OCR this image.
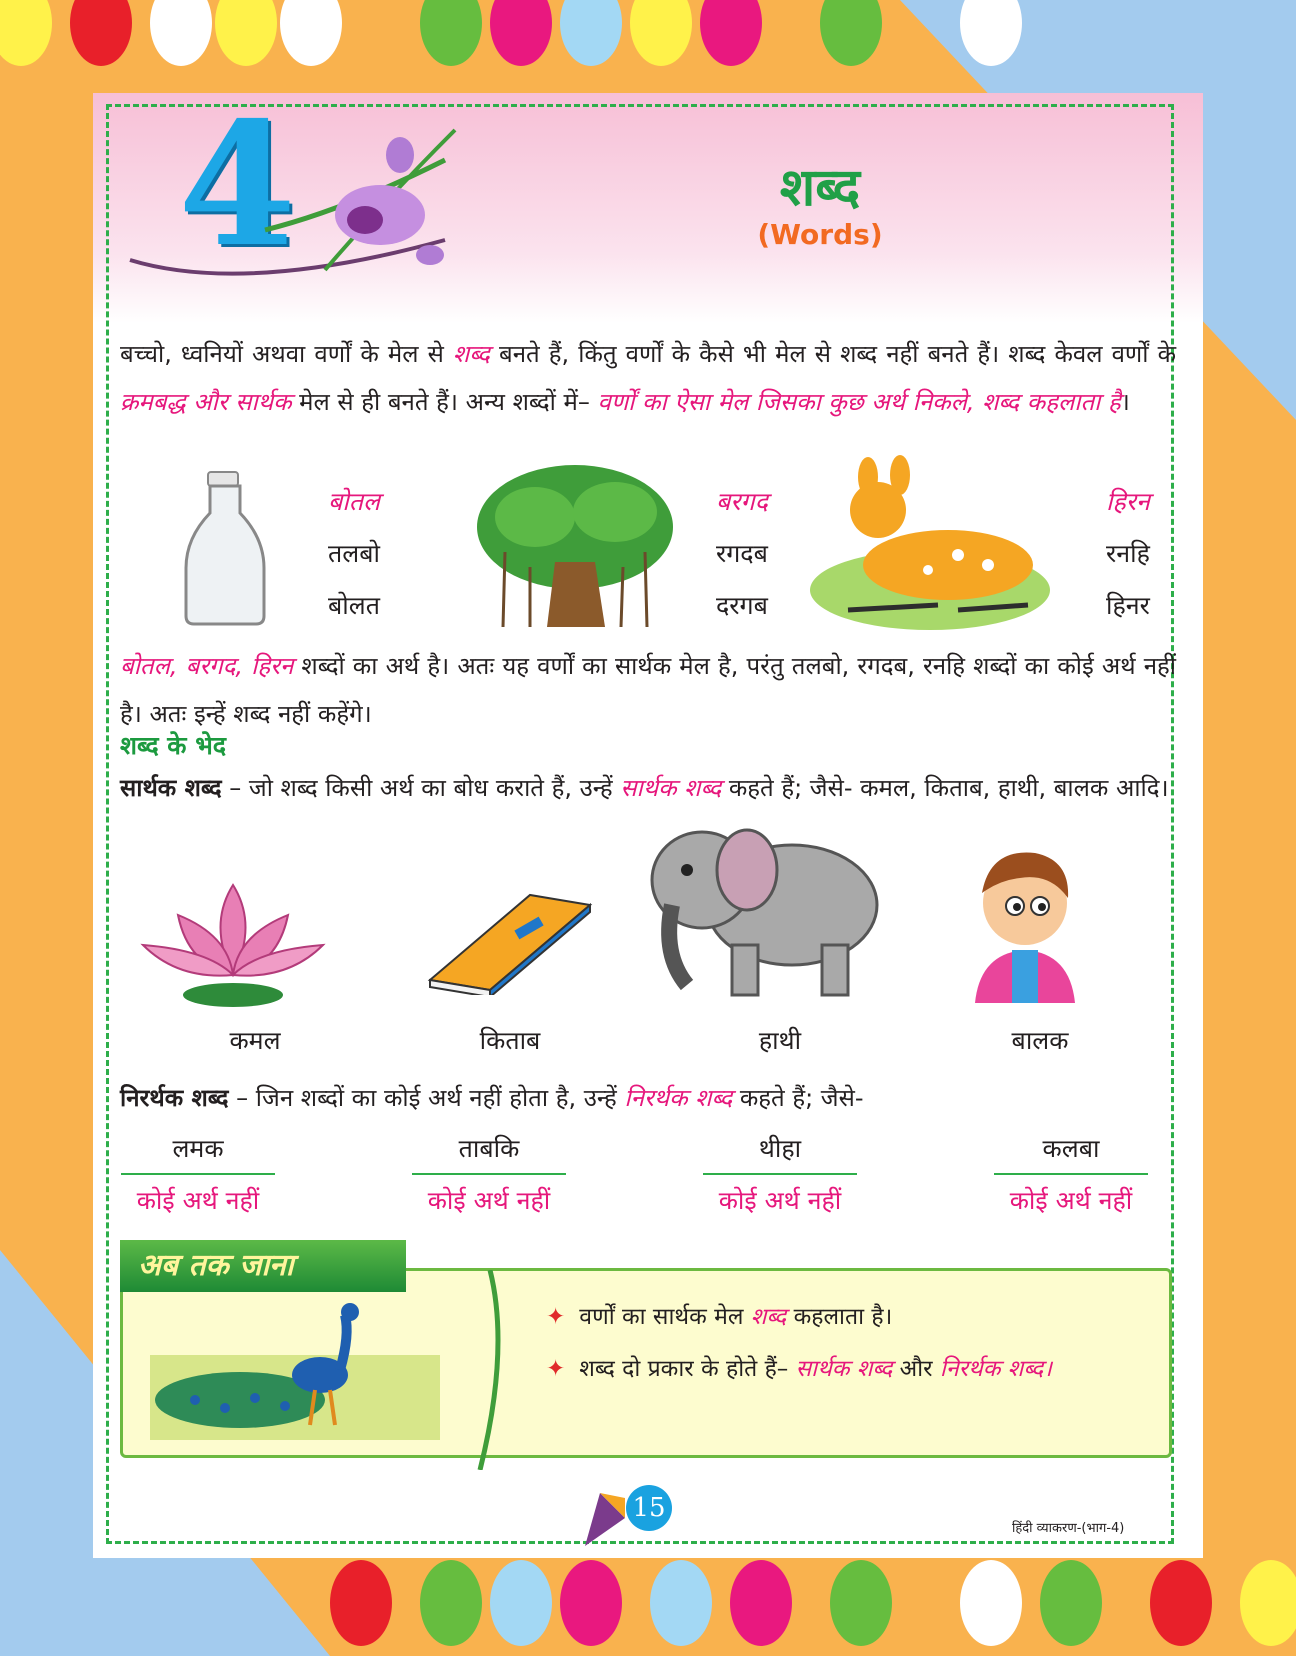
4	शब्द
(Words)
बच्चो, ध्वनियों अथवा वर्णों के मेल से शब्द बनते हैं, किंतु वर्णों के कैसे भी मेल से शब्द नहीं बनते हैं। शब्द केवल वर्णों के क्रमबद्ध और सार्थक मेल से ही बनते हैं। अन्य शब्दों में– वर्णों का ऐसा मेल जिसका कुछ अर्थ निकले, शब्द कहलाता है।
बोतल
तलबो
बोलत
बरगद
रगदब
दरगब
हिरन
रनहि
हिनर
बोतल, बरगद, हिरन शब्दों का अर्थ है। अतः यह वर्णों का सार्थक मेल है, परंतु तलबो, रगदब, रनहि शब्दों का कोई अर्थ नहीं है। अतः इन्हें शब्द नहीं कहेंगे।
शब्द के भेद
सार्थक शब्द – जो शब्द किसी अर्थ का बोध कराते हैं, उन्हें सार्थक शब्द कहते हैं; जैसे- कमल, किताब, हाथी, बालक आदि।
कमल	किताब	हाथी	बालक
निरर्थक शब्द – जिन शब्दों का कोई अर्थ नहीं होता है, उन्हें निरर्थक शब्द कहते हैं; जैसे-
लमक
कोई अर्थ नहीं
ताबकि
कोई अर्थ नहीं
थीहा
कोई अर्थ नहीं
कलबा
कोई अर्थ नहीं
अब तक जाना
✦ वर्णों का सार्थक मेल शब्द कहलाता है।
✦ शब्द दो प्रकार के होते हैं– सार्थक शब्द और निरर्थक शब्द।
15
हिंदी व्याकरण-(भाग-4)
